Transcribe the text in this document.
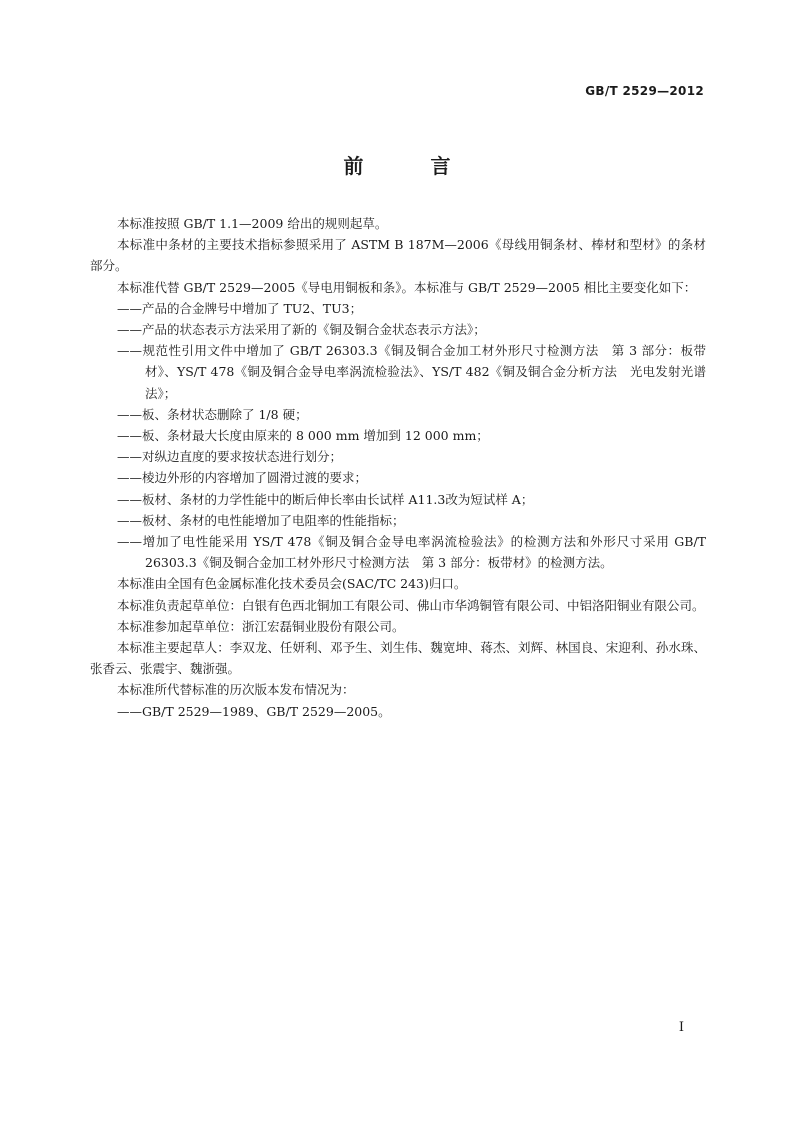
GB/T 2529—2012
前 言

本标准按照 GB/T 1.1—2009 给出的规则起草。

本标准中条材的主要技术指标参照采用了 ASTM B 187M—2006《母线用铜条材、棒材和型材》的条材部分。

本标准代替 GB/T 2529—2005《导电用铜板和条》。本标准与 GB/T 2529—2005 相比主要变化如下：

——产品的合金牌号中增加了 TU2、TU3；

——产品的状态表示方法采用了新的《铜及铜合金状态表示方法》；

——规范性引用文件中增加了 GB/T 26303.3《铜及铜合金加工材外形尺寸检测方法　第 3 部分：板带材》、YS/T 478《铜及铜合金导电率涡流检验法》、YS/T 482《铜及铜合金分析方法　光电发射光谱法》；

——板、条材状态删除了 1/8 硬；

——板、条材最大长度由原来的 8 000 mm 增加到 12 000 mm；

——对纵边直度的要求按状态进行划分；

——棱边外形的内容增加了圆滑过渡的要求；

——板材、条材的力学性能中的断后伸长率由长试样 A11.3改为短试样 A；

——板材、条材的电性能增加了电阻率的性能指标；

——增加了电性能采用 YS/T 478《铜及铜合金导电率涡流检验法》的检测方法和外形尺寸采用 GB/T 26303.3《铜及铜合金加工材外形尺寸检测方法　第 3 部分：板带材》的检测方法。

本标准由全国有色金属标准化技术委员会(SAC/TC 243)归口。

本标准负责起草单位：白银有色西北铜加工有限公司、佛山市华鸿铜管有限公司、中铝洛阳铜业有限公司。

本标准参加起草单位：浙江宏磊铜业股份有限公司。

本标准主要起草人：李双龙、任妍利、邓予生、刘生伟、魏宽坤、蒋杰、刘辉、林国良、宋迎利、孙水珠、张香云、张震宇、魏浙强。

本标准所代替标准的历次版本发布情况为：

——GB/T 2529—1989、GB/T 2529—2005。

I
